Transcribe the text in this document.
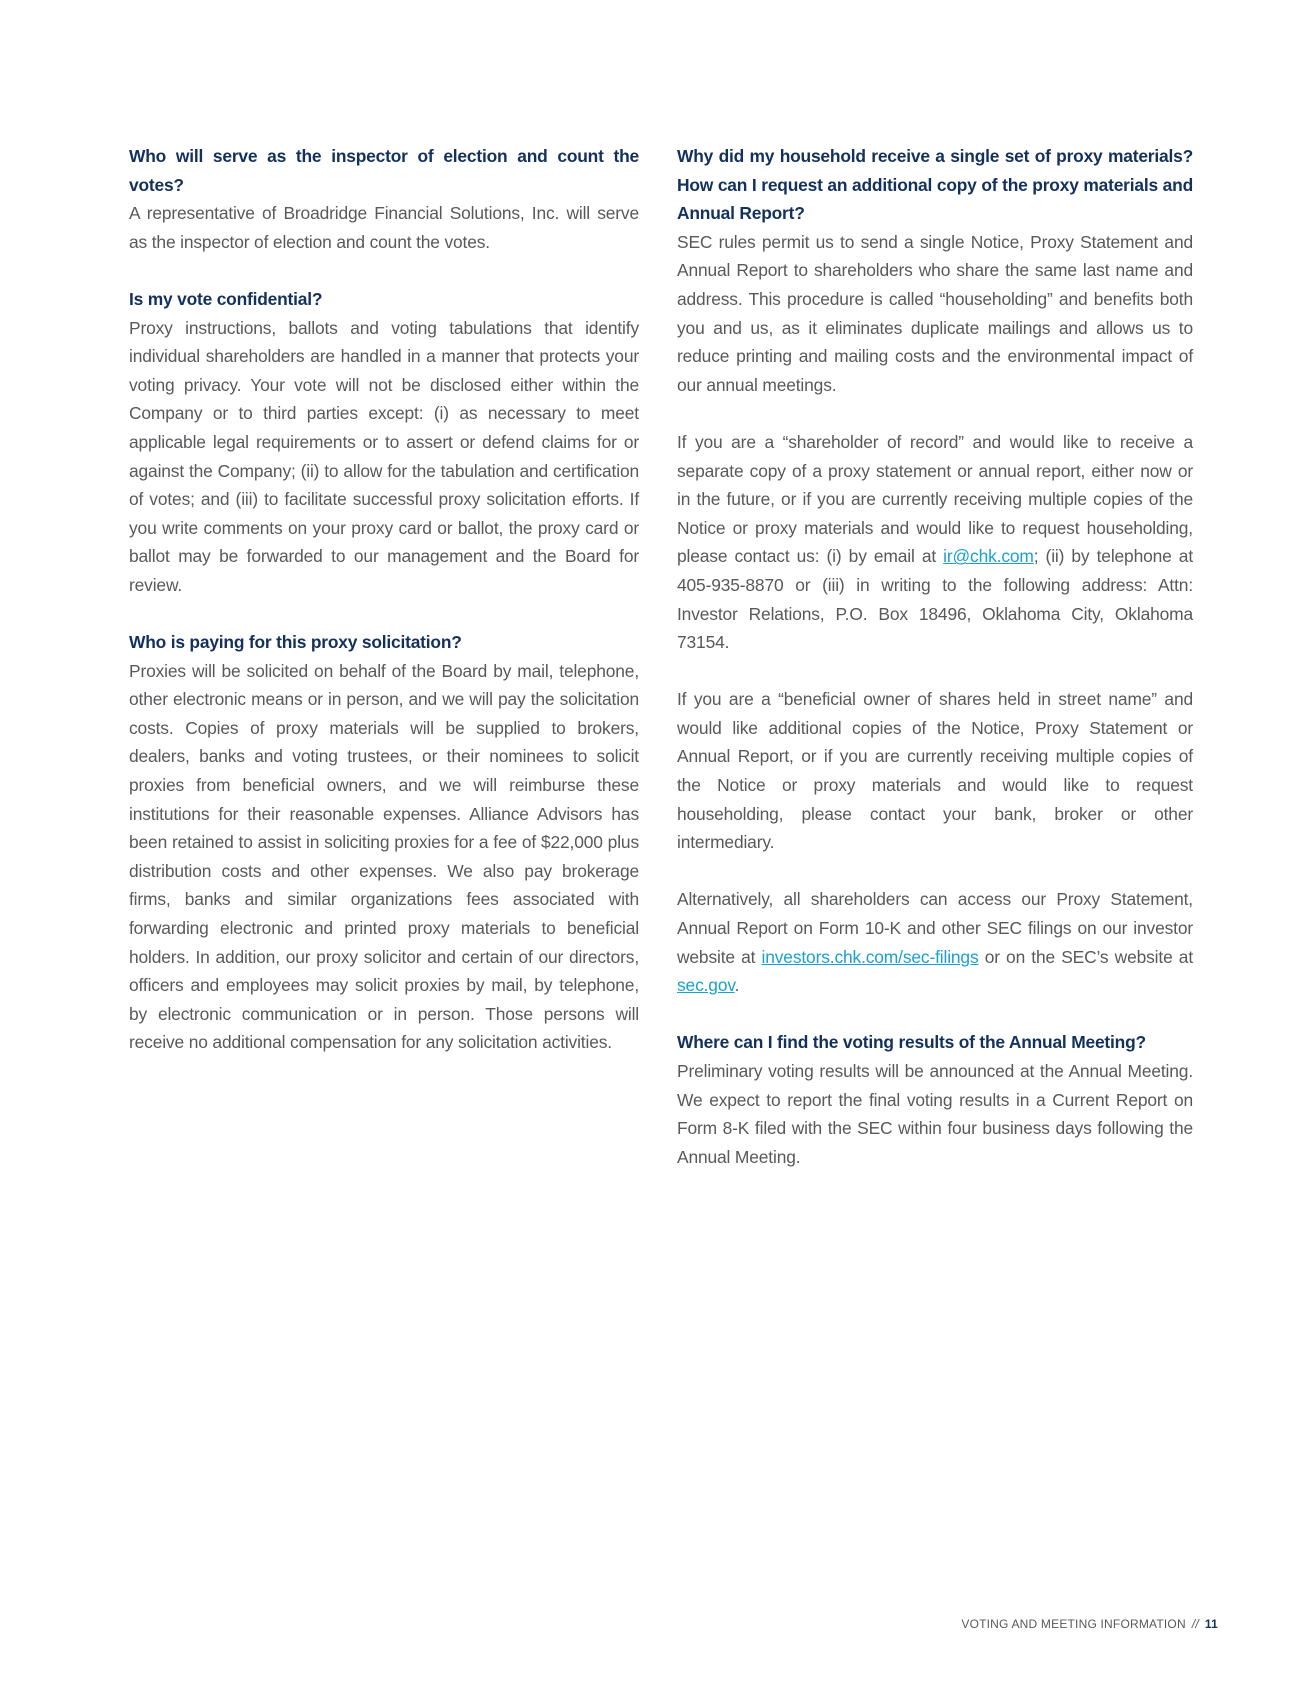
Who will serve as the inspector of election and count the votes?

A representative of Broadridge Financial Solutions, Inc. will serve as the inspector of election and count the votes.

Is my vote confidential?

Proxy instructions, ballots and voting tabulations that identify individual shareholders are handled in a manner that protects your voting privacy. Your vote will not be disclosed either within the Company or to third parties except: (i) as necessary to meet applicable legal requirements or to assert or defend claims for or against the Company; (ii) to allow for the tabulation and certification of votes; and (iii) to facilitate successful proxy solicitation efforts. If you write comments on your proxy card or ballot, the proxy card or ballot may be forwarded to our management and the Board for review.

Who is paying for this proxy solicitation?

Proxies will be solicited on behalf of the Board by mail, telephone, other electronic means or in person, and we will pay the solicitation costs. Copies of proxy materials will be supplied to brokers, dealers, banks and voting trustees, or their nominees to solicit proxies from beneficial owners, and we will reimburse these institutions for their reasonable expenses. Alliance Advisors has been retained to assist in soliciting proxies for a fee of $22,000 plus distribution costs and other expenses. We also pay brokerage firms, banks and similar organizations fees associated with forwarding electronic and printed proxy materials to beneficial holders. In addition, our proxy solicitor and certain of our directors, officers and employees may solicit proxies by mail, by telephone, by electronic communication or in person. Those persons will receive no additional compensation for any solicitation activities.

Why did my household receive a single set of proxy materials? How can I request an additional copy of the proxy materials and Annual Report?

SEC rules permit us to send a single Notice, Proxy Statement and Annual Report to shareholders who share the same last name and address. This procedure is called “householding” and benefits both you and us, as it eliminates duplicate mailings and allows us to reduce printing and mailing costs and the environmental impact of our annual meetings.

If you are a “shareholder of record” and would like to receive a separate copy of a proxy statement or annual report, either now or in the future, or if you are currently receiving multiple copies of the Notice or proxy materials and would like to request householding, please contact us: (i) by email at ir@chk.com; (ii) by telephone at 405-935-8870 or (iii) in writing to the following address: Attn: Investor Relations, P.O. Box 18496, Oklahoma City, Oklahoma 73154.

If you are a “beneficial owner of shares held in street name” and would like additional copies of the Notice, Proxy Statement or Annual Report, or if you are currently receiving multiple copies of the Notice or proxy materials and would like to request householding, please contact your bank, broker or other intermediary.

Alternatively, all shareholders can access our Proxy Statement, Annual Report on Form 10-K and other SEC filings on our investor website at investors.chk.com/sec-filings or on the SEC’s website at sec.gov.

Where can I find the voting results of the Annual Meeting?

Preliminary voting results will be announced at the Annual Meeting. We expect to report the final voting results in a Current Report on Form 8-K filed with the SEC within four business days following the Annual Meeting.

VOTING AND MEETING INFORMATION // 11
